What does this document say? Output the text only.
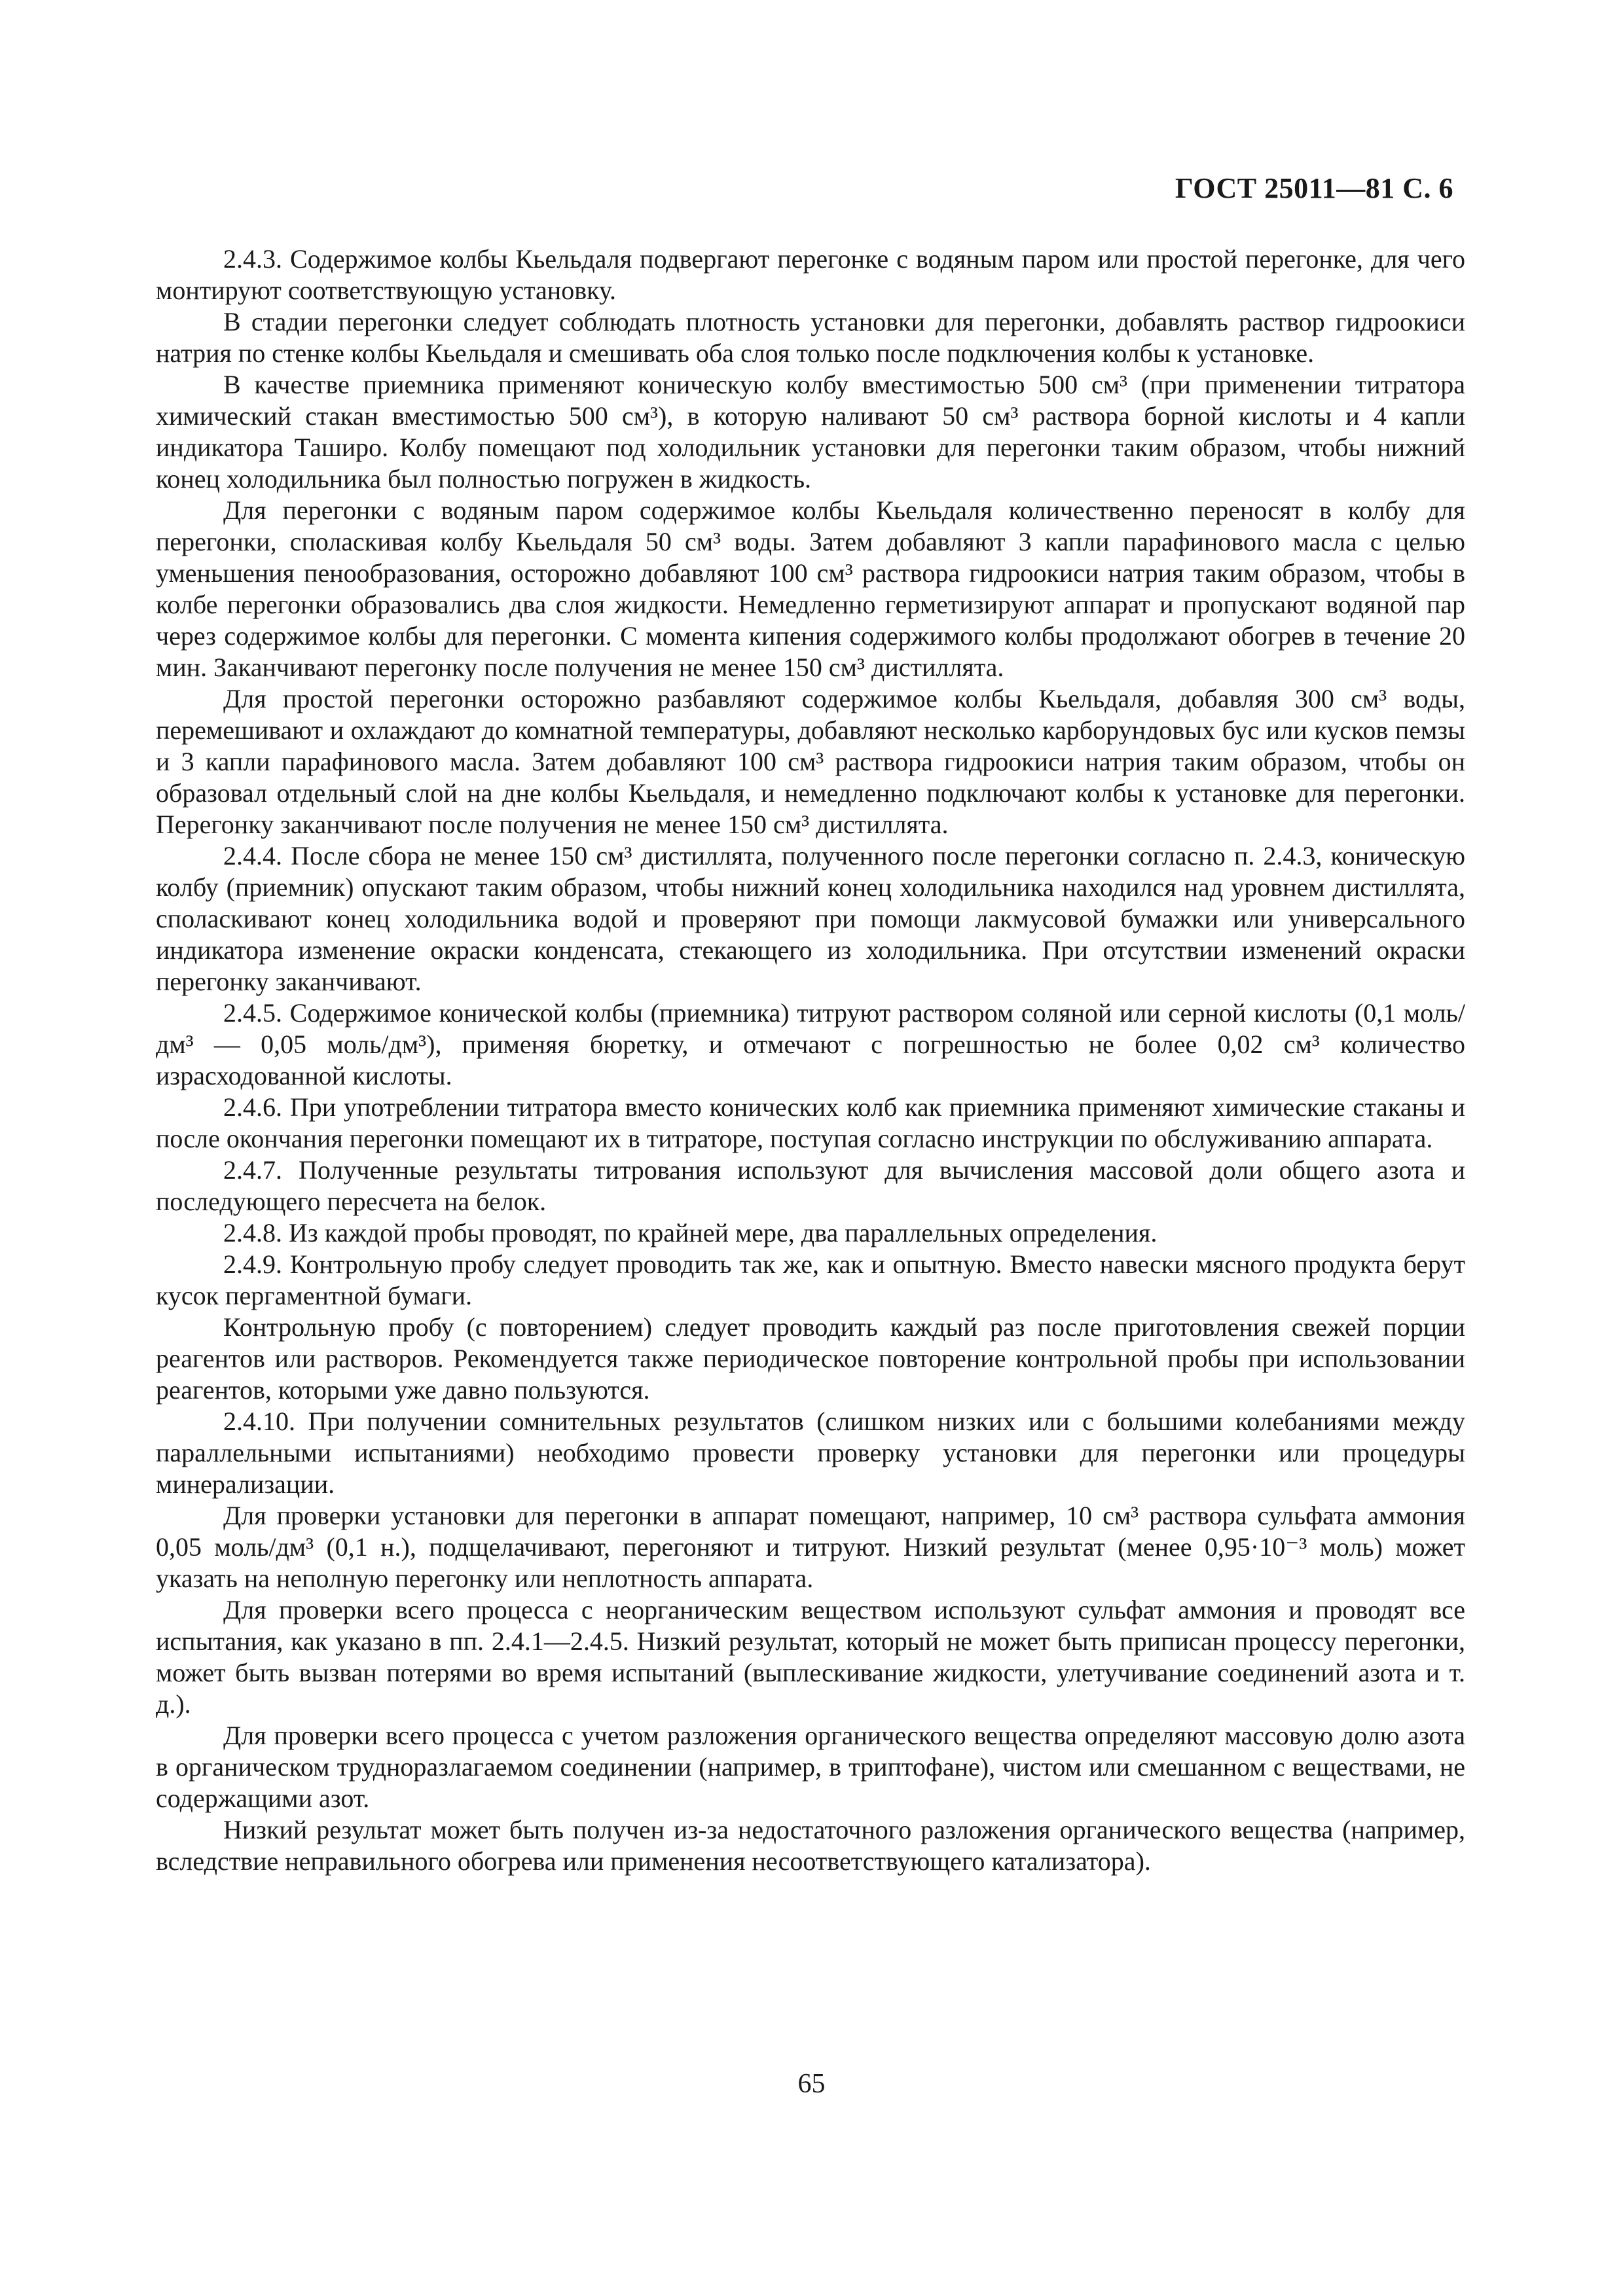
ГОСТ 25011—81 С. 6

2.4.3. Содержимое колбы Кьельдаля подвергают перегонке с водяным паром или простой перегонке, для чего монтируют соответствующую установку.

В стадии перегонки следует соблюдать плотность установки для перегонки, добавлять раствор гидроокиси натрия по стенке колбы Кьельдаля и смешивать оба слоя только после подключения колбы к установке.

В качестве приемника применяют коническую колбу вместимостью 500 см³ (при применении титратора химический стакан вместимостью 500 см³), в которую наливают 50 см³ раствора борной кислоты и 4 капли индикатора Таширо. Колбу помещают под холодильник установки для перегонки таким образом, чтобы нижний конец холодильника был полностью погружен в жидкость.

Для перегонки с водяным паром содержимое колбы Кьельдаля количественно переносят в колбу для перегонки, споласкивая колбу Кьельдаля 50 см³ воды. Затем добавляют 3 капли парафинового масла с целью уменьшения пенообразования, осторожно добавляют 100 см³ раствора гидроокиси натрия таким образом, чтобы в колбе перегонки образовались два слоя жидкости. Немедленно герметизируют аппарат и пропускают водяной пар через содержимое колбы для перегонки. С момента кипения содержимого колбы продолжают обогрев в течение 20 мин. Заканчивают перегонку после получения не менее 150 см³ дистиллята.

Для простой перегонки осторожно разбавляют содержимое колбы Кьельдаля, добавляя 300 см³ воды, перемешивают и охлаждают до комнатной температуры, добавляют несколько карборундовых бус или кусков пемзы и 3 капли парафинового масла. Затем добавляют 100 см³ раствора гидроокиси натрия таким образом, чтобы он образовал отдельный слой на дне колбы Кьельдаля, и немедленно подключают колбы к установке для перегонки. Перегонку заканчивают после получения не менее 150 см³ дистиллята.

2.4.4. После сбора не менее 150 см³ дистиллята, полученного после перегонки согласно п. 2.4.3, коническую колбу (приемник) опускают таким образом, чтобы нижний конец холодильника находился над уровнем дистиллята, споласкивают конец холодильника водой и проверяют при помощи лакмусовой бумажки или универсального индикатора изменение окраски конденсата, стекающего из холодильника. При отсутствии изменений окраски перегонку заканчивают.

2.4.5. Содержимое конической колбы (приемника) титруют раствором соляной или серной кислоты (0,1 моль/дм³ — 0,05 моль/дм³), применяя бюретку, и отмечают с погрешностью не более 0,02 см³ количество израсходованной кислоты.

2.4.6. При употреблении титратора вместо конических колб как приемника применяют химические стаканы и после окончания перегонки помещают их в титраторе, поступая согласно инструкции по обслуживанию аппарата.

2.4.7. Полученные результаты титрования используют для вычисления массовой доли общего азота и последующего пересчета на белок.

2.4.8. Из каждой пробы проводят, по крайней мере, два параллельных определения.

2.4.9. Контрольную пробу следует проводить так же, как и опытную. Вместо навески мясного продукта берут кусок пергаментной бумаги.

Контрольную пробу (с повторением) следует проводить каждый раз после приготовления свежей порции реагентов или растворов. Рекомендуется также периодическое повторение контрольной пробы при использовании реагентов, которыми уже давно пользуются.

2.4.10. При получении сомнительных результатов (слишком низких или с большими колебаниями между параллельными испытаниями) необходимо провести проверку установки для перегонки или процедуры минерализации.

Для проверки установки для перегонки в аппарат помещают, например, 10 см³ раствора сульфата аммония 0,05 моль/дм³ (0,1 н.), подщелачивают, перегоняют и титруют. Низкий результат (менее 0,95·10⁻³ моль) может указать на неполную перегонку или неплотность аппарата.

Для проверки всего процесса с неорганическим веществом используют сульфат аммония и проводят все испытания, как указано в пп. 2.4.1—2.4.5. Низкий результат, который не может быть приписан процессу перегонки, может быть вызван потерями во время испытаний (выплескивание жидкости, улетучивание соединений азота и т. д.).

Для проверки всего процесса с учетом разложения органического вещества определяют массовую долю азота в органическом трудноразлагаемом соединении (например, в триптофане), чистом или смешанном с веществами, не содержащими азот.

Низкий результат может быть получен из-за недостаточного разложения органического вещества (например, вследствие неправильного обогрева или применения несоответствующего катализатора).

65
